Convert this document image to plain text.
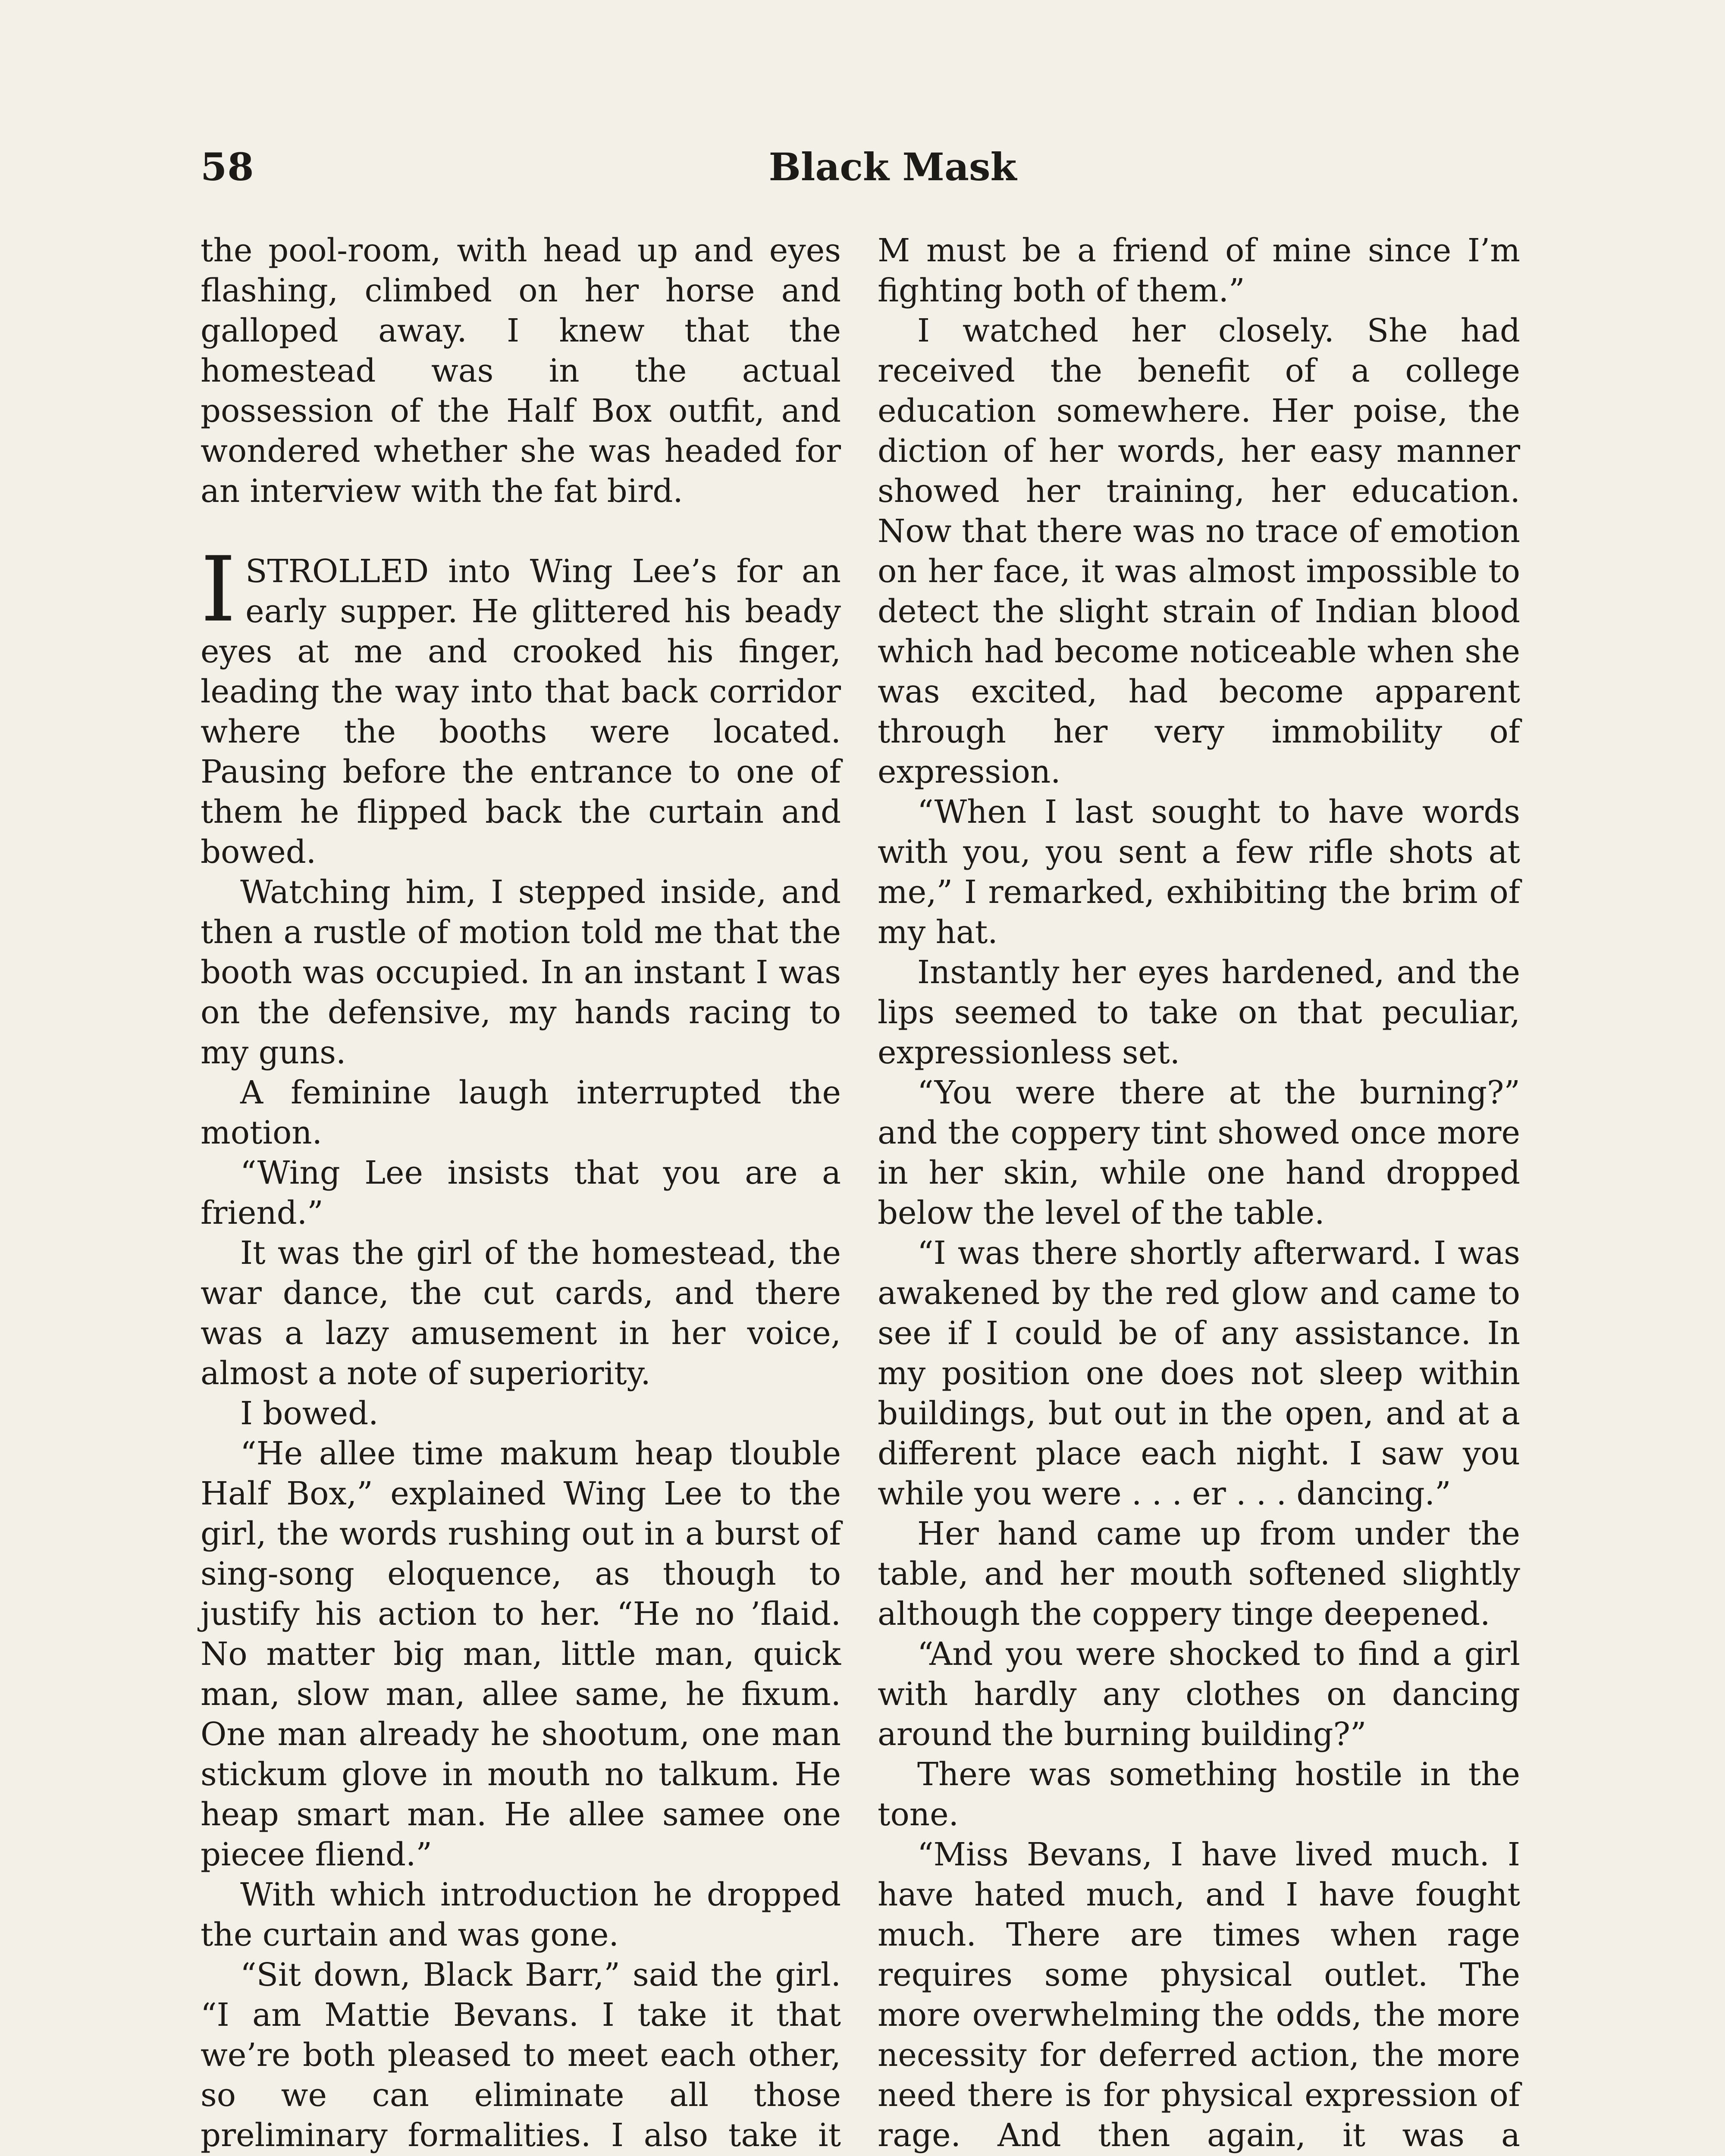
58	Black Mask

the pool-room, with head up and eyes flashing, climbed on her horse and galloped away. I knew that the homestead was in the actual possession of the Half Box outfit, and wondered whether she was headed for an interview with the fat bird.

I STROLLED into Wing Lee’s for an early supper. He glittered his beady eyes at me and crooked his finger, leading the way into that back corridor where the booths were located. Pausing before the entrance to one of them he flipped back the curtain and bowed.

Watching him, I stepped inside, and then a rustle of motion told me that the booth was occupied. In an instant I was on the defensive, my hands racing to my guns.

A feminine laugh interrupted the motion.

“Wing Lee insists that you are a friend.”

It was the girl of the homestead, the war dance, the cut cards, and there was a lazy amusement in her voice, almost a note of superiority.

I bowed.

“He allee time makum heap tlouble Half Box,” explained Wing Lee to the girl, the words rushing out in a burst of sing-song eloquence, as though to justify his action to her. “He no ’flaid. No matter big man, little man, quick man, slow man, allee same, he fixum. One man already he shootum, one man stickum glove in mouth no talkum. He heap smart man. He allee samee one piecee fliend.”

With which introduction he dropped the curtain and was gone.

“Sit down, Black Barr,” said the girl. “I am Mattie Bevans. I take it that we’re both pleased to meet each other, so we can eliminate all those preliminary formalities. I also take it

M must be a friend of mine since I’m fighting both of them.”

I watched her closely. She had received the benefit of a college education somewhere. Her poise, the diction of her words, her easy manner showed her training, her education. Now that there was no trace of emotion on her face, it was almost impossible to detect the slight strain of Indian blood which had become noticeable when she was excited, had become apparent through her very immobility of expression.

“When I last sought to have words with you, you sent a few rifle shots at me,” I remarked, exhibiting the brim of my hat.

Instantly her eyes hardened, and the lips seemed to take on that peculiar, expressionless set.

“You were there at the burning?” and the coppery tint showed once more in her skin, while one hand dropped below the level of the table.

“I was there shortly afterward. I was awakened by the red glow and came to see if I could be of any assistance. In my position one does not sleep within buildings, but out in the open, and at a different place each night. I saw you while you were . . . er . . . dancing.”

Her hand came up from under the table, and her mouth softened slightly although the coppery tinge deepened.

“And you were shocked to find a girl with hardly any clothes on dancing around the burning building?”

There was something hostile in the tone.

“Miss Bevans, I have lived much. I have hated much, and I have fought much. There are times when rage requires some physical outlet. The more overwhelming the odds, the more necessity for deferred action, the more need there is for physical expression of rage. And then again, it was a
